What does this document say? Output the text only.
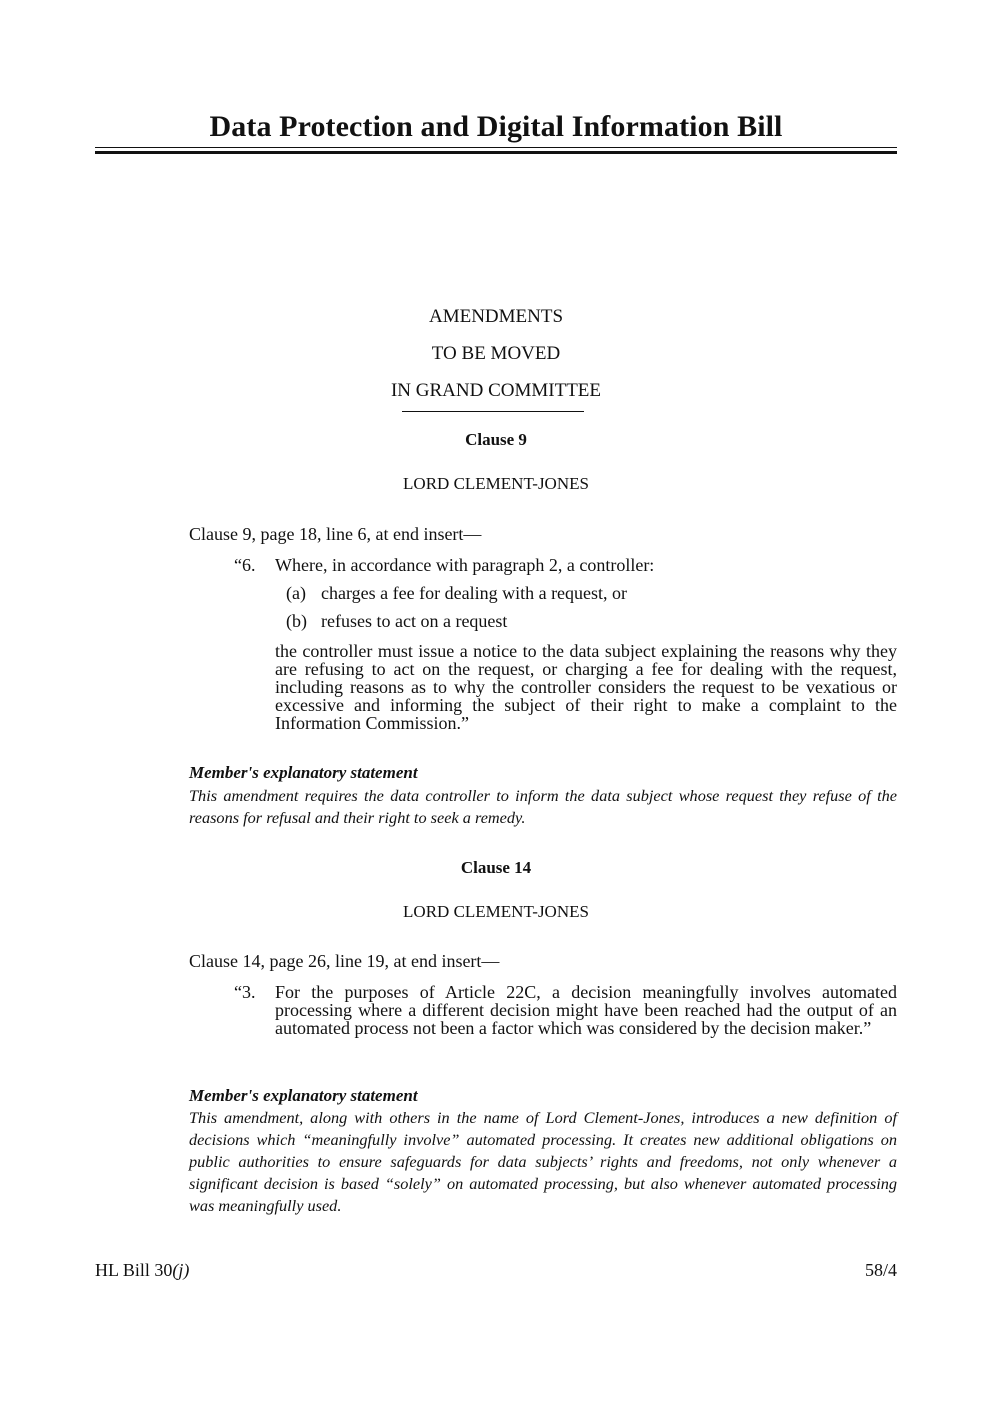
Data Protection and Digital Information Bill
AMENDMENTS
TO BE MOVED
IN GRAND COMMITTEE
Clause 9
LORD CLEMENT-JONES
Clause 9, page 18, line 6, at end insert—
“6. Where, in accordance with paragraph 2, a controller:
(a) charges a fee for dealing with a request, or
(b) refuses to act on a request
the controller must issue a notice to the data subject explaining the reasons why they are refusing to act on the request, or charging a fee for dealing with the request, including reasons as to why the controller considers the request to be vexatious or excessive and informing the subject of their right to make a complaint to the Information Commission.”
Member's explanatory statement
This amendment requires the data controller to inform the data subject whose request they refuse of the reasons for refusal and their right to seek a remedy.
Clause 14
LORD CLEMENT-JONES
Clause 14, page 26, line 19, at end insert—
“3. For the purposes of Article 22C, a decision meaningfully involves automated processing where a different decision might have been reached had the output of an automated process not been a factor which was considered by the decision maker.”
Member's explanatory statement
This amendment, along with others in the name of Lord Clement-Jones, introduces a new definition of decisions which “meaningfully involve” automated processing. It creates new additional obligations on public authorities to ensure safeguards for data subjects’ rights and freedoms, not only whenever a significant decision is based “solely” on automated processing, but also whenever automated processing was meaningfully used.
HL Bill 30(j)	58/4
